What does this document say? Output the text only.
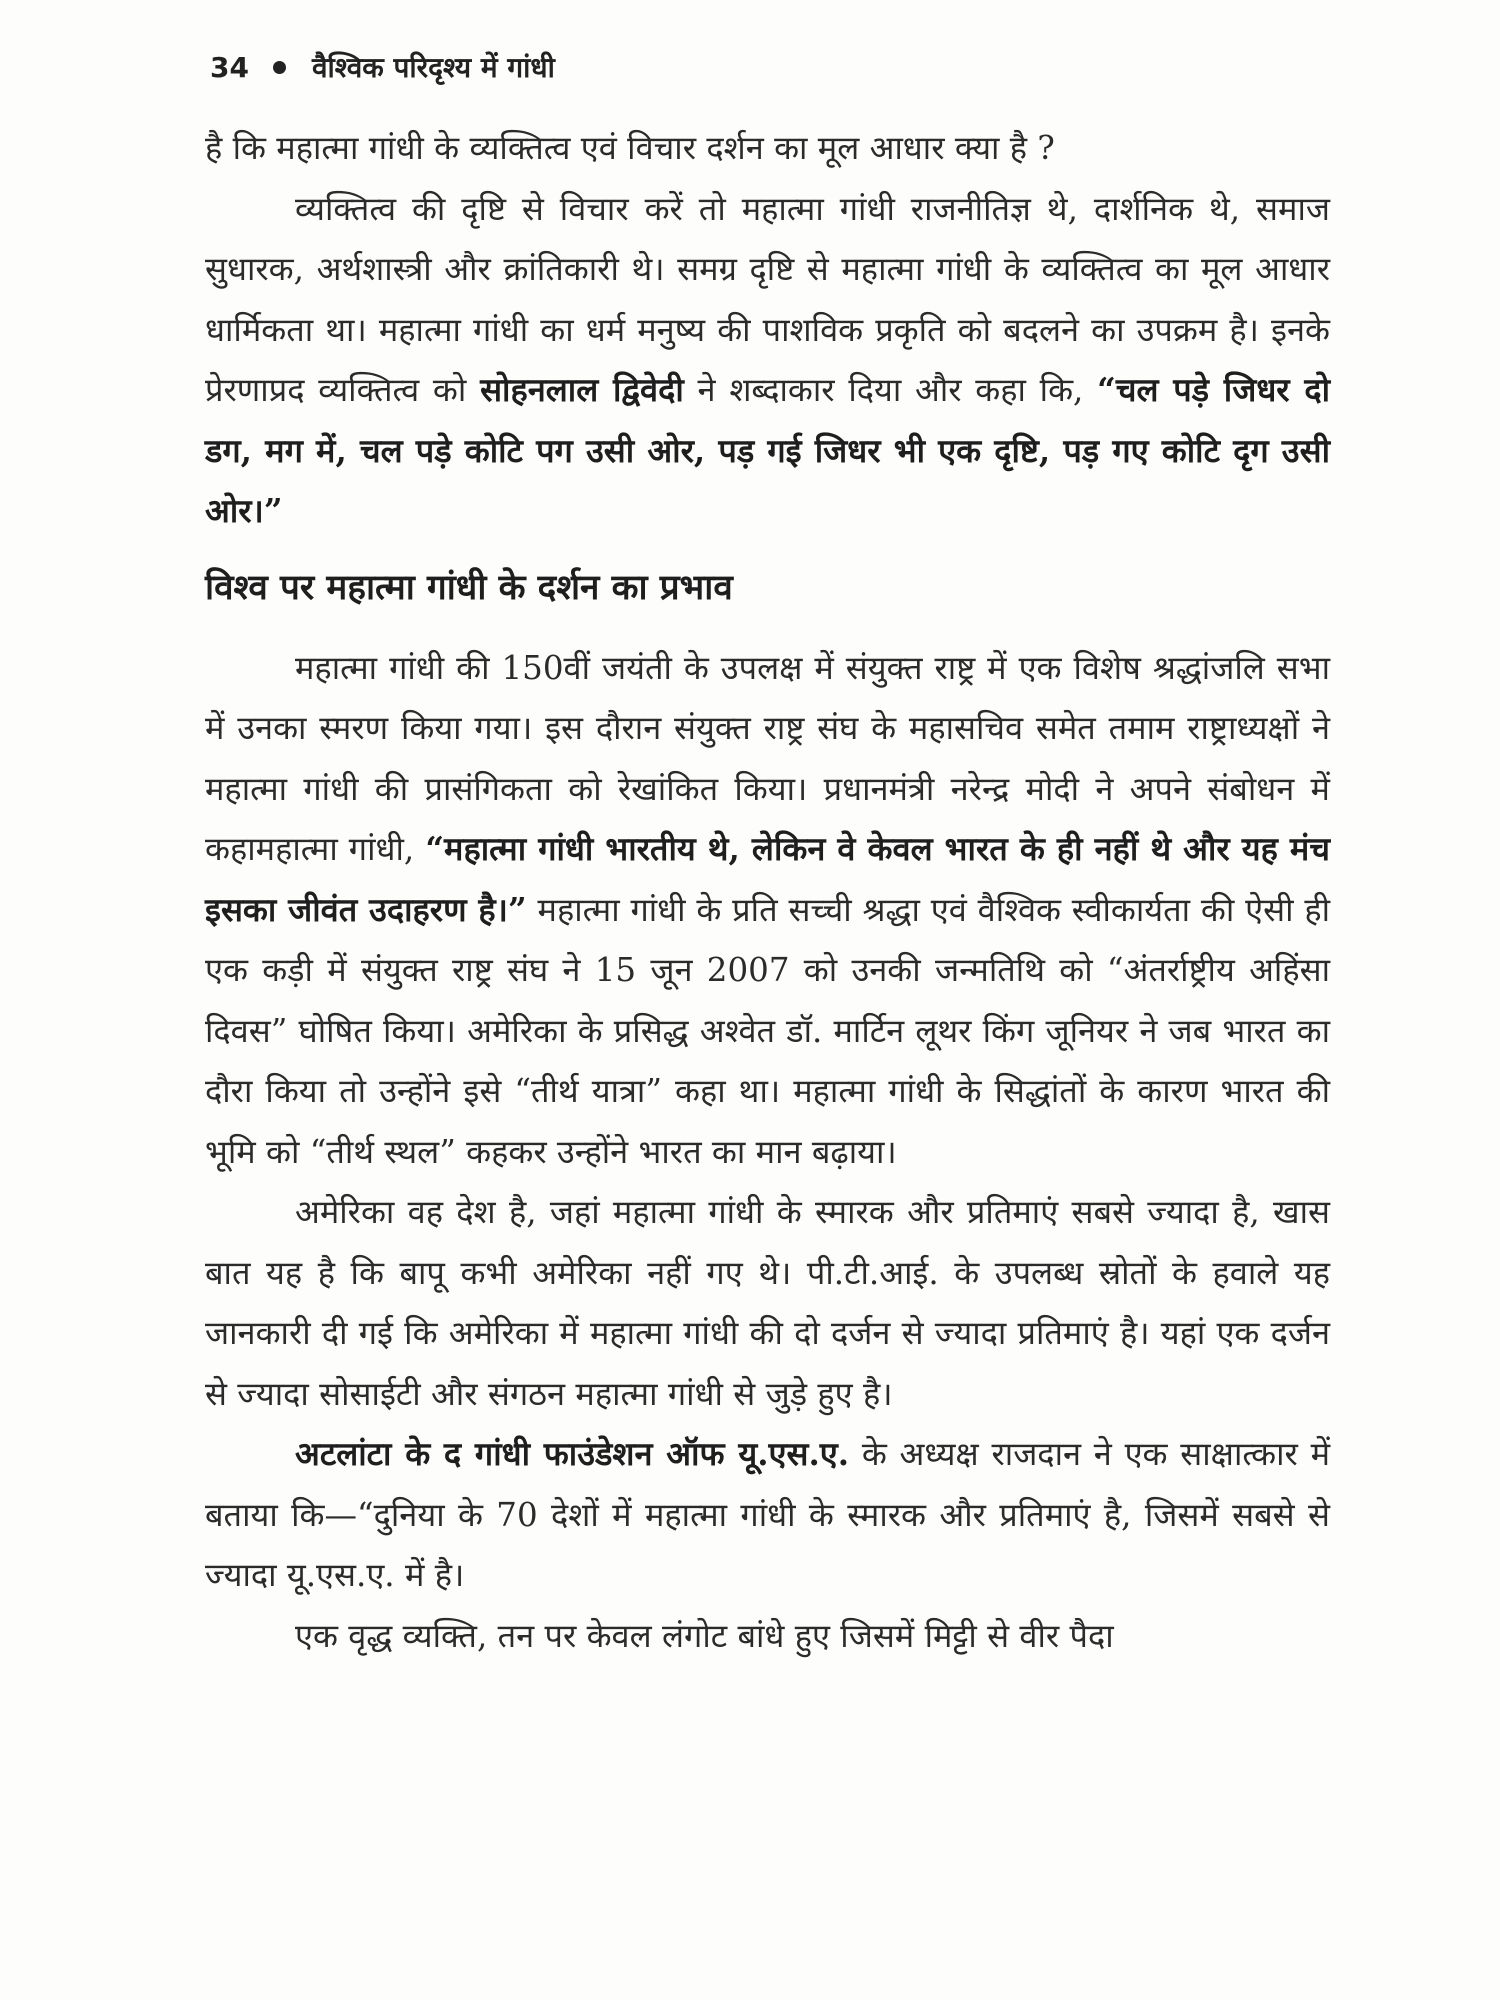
34 वैश्विक परिदृश्य में गांधी

है कि महात्मा गांधी के व्यक्तित्व एवं विचार दर्शन का मूल आधार क्या है ?

व्यक्तित्व की दृष्टि से विचार करें तो महात्मा गांधी राजनीतिज्ञ थे, दार्शनिक थे, समाज सुधारक, अर्थशास्त्री और क्रांतिकारी थे। समग्र दृष्टि से महात्मा गांधी के व्यक्तित्व का मूल आधार धार्मिकता था। महात्मा गांधी का धर्म मनुष्य की पाशविक प्रकृति को बदलने का उपक्रम है। इनके प्रेरणाप्रद व्यक्तित्व को सोहनलाल द्विवेदी ने शब्दाकार दिया और कहा कि, “चल पड़े जिधर दो डग, मग में, चल पड़े कोटि पग उसी ओर, पड़ गई जिधर भी एक दृष्टि, पड़ गए कोटि दृग उसी ओर।”

विश्व पर महात्मा गांधी के दर्शन का प्रभाव

महात्मा गांधी की 150वीं जयंती के उपलक्ष में संयुक्त राष्ट्र में एक विशेष श्रद्धांजलि सभा में उनका स्मरण किया गया। इस दौरान संयुक्त राष्ट्र संघ के महासचिव समेत तमाम राष्ट्राध्यक्षों ने महात्मा गांधी की प्रासंगिकता को रेखांकित किया। प्रधानमंत्री नरेन्द्र मोदी ने अपने संबोधन में कहामहात्मा गांधी, “महात्मा गांधी भारतीय थे, लेकिन वे केवल भारत के ही नहीं थे और यह मंच इसका जीवंत उदाहरण है।” महात्मा गांधी के प्रति सच्ची श्रद्धा एवं वैश्विक स्वीकार्यता की ऐसी ही एक कड़ी में संयुक्त राष्ट्र संघ ने 15 जून 2007 को उनकी जन्मतिथि को “अंतर्राष्ट्रीय अहिंसा दिवस” घोषित किया। अमेरिका के प्रसिद्ध अश्वेत डॉ. मार्टिन लूथर किंग जूनियर ने जब भारत का दौरा किया तो उन्होंने इसे “तीर्थ यात्रा” कहा था। महात्मा गांधी के सिद्धांतों के कारण भारत की भूमि को “तीर्थ स्थल” कहकर उन्होंने भारत का मान बढ़ाया।

अमेरिका वह देश है, जहां महात्मा गांधी के स्मारक और प्रतिमाएं सबसे ज्यादा है, खास बात यह है कि बापू कभी अमेरिका नहीं गए थे। पी.टी.आई. के उपलब्ध स्रोतों के हवाले यह जानकारी दी गई कि अमेरिका में महात्मा गांधी की दो दर्जन से ज्यादा प्रतिमाएं है। यहां एक दर्जन से ज्यादा सोसाईटी और संगठन महात्मा गांधी से जुड़े हुए है।

अटलांटा के द गांधी फाउंडेशन ऑफ यू.एस.ए. के अध्यक्ष राजदान ने एक साक्षात्कार में बताया कि—“दुनिया के 70 देशों में महात्मा गांधी के स्मारक और प्रतिमाएं है, जिसमें सबसे से ज्यादा यू.एस.ए. में है।

एक वृद्ध व्यक्ति, तन पर केवल लंगोट बांधे हुए जिसमें मिट्टी से वीर पैदा
